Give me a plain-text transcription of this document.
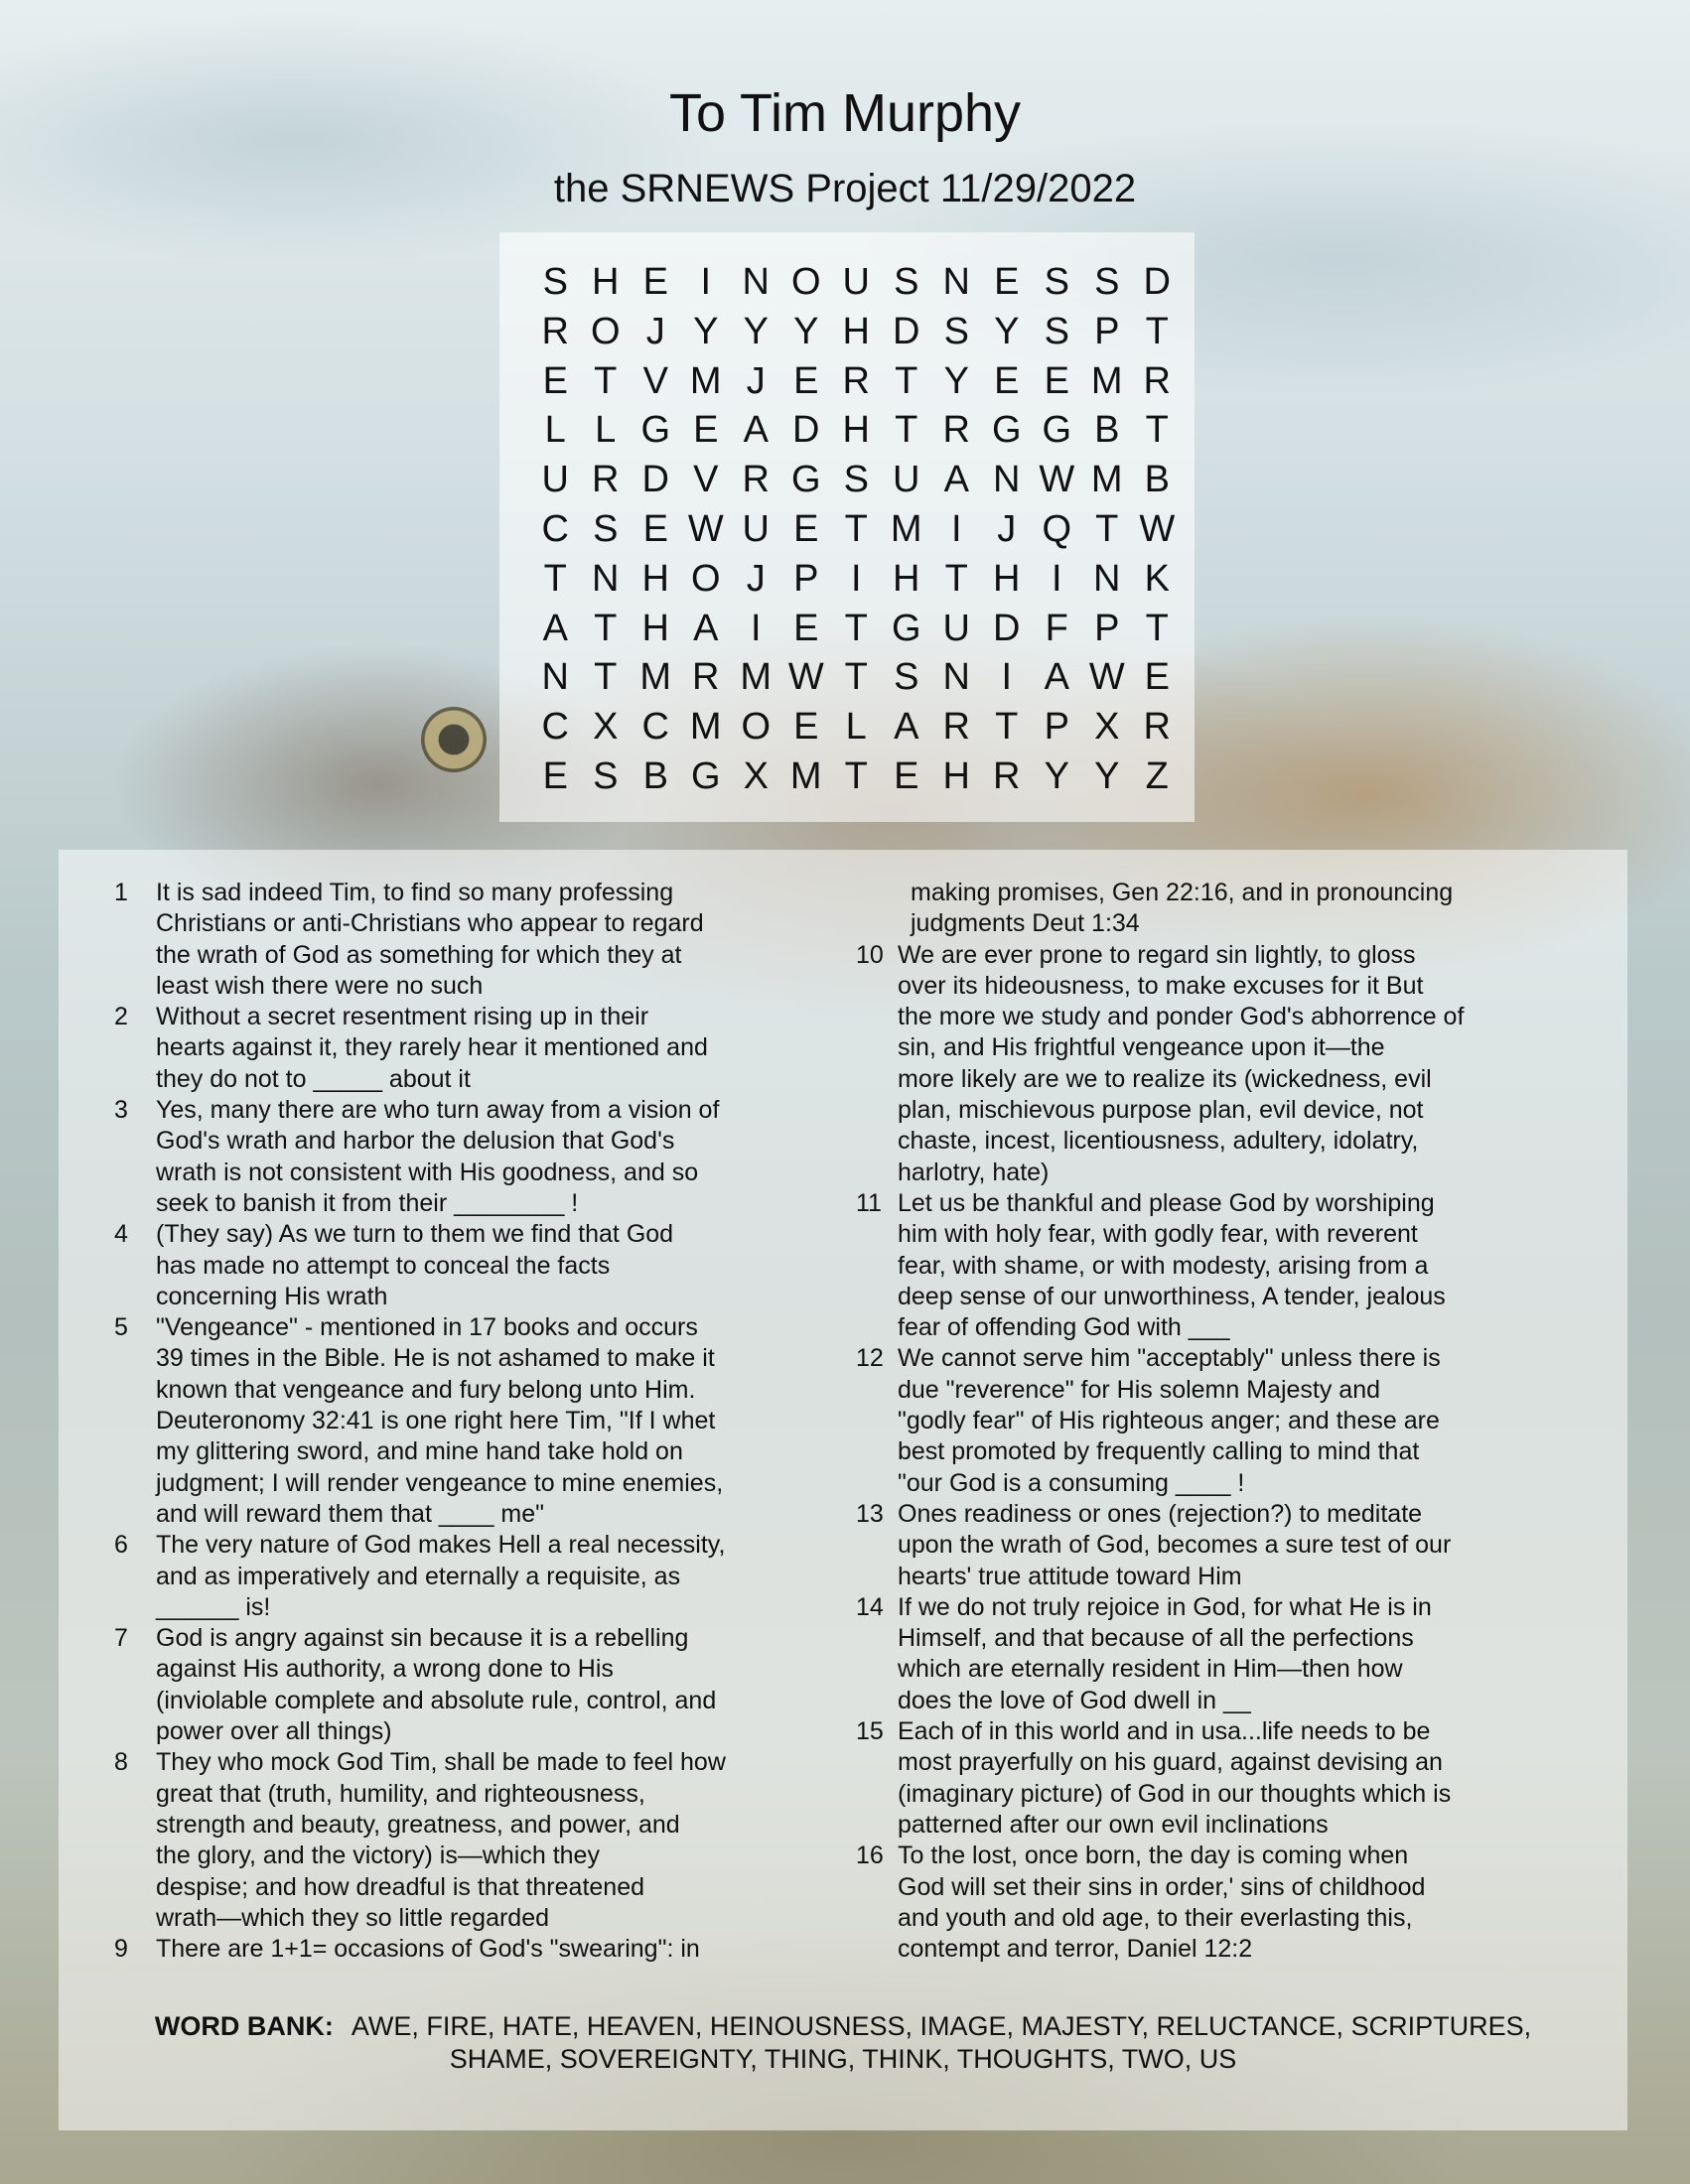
To Tim Murphy
the SRNEWS Project 11/29/2022
S H E I N O U S N E S S D
R O J Y Y Y H D S Y S P T
E T V M J E R T Y E E M R
L L G E A D H T R G G B T
U R D V R G S U A N W M B
C S E W U E T M I J Q T W
T N H O J P I H T H I N K
A T H A I E T G U D F P T
N T M R M W T S N I A W E
C X C M O E L A R T P X R
E S B G X M T E H R Y Y Z
1	It is sad indeed Tim, to find so many professing
Christians or anti-Christians who appear to regard
the wrath of God as something for which they at
least wish there were no such
2	Without a secret resentment rising up in their
hearts against it, they rarely hear it mentioned and
they do not to _____ about it
3	Yes, many there are who turn away from a vision of
God's wrath and harbor the delusion that God's
wrath is not consistent with His goodness, and so
seek to banish it from their ________ !
4	(They say) As we turn to them we find that God
has made no attempt to conceal the facts
concerning His wrath
5	"Vengeance" - mentioned in 17 books and occurs
39 times in the Bible. He is not ashamed to make it
known that vengeance and fury belong unto Him.
Deuteronomy 32:41 is one right here Tim, "If I whet
my glittering sword, and mine hand take hold on
judgment; I will render vengeance to mine enemies,
and will reward them that ____ me"
6	The very nature of God makes Hell a real necessity,
and as imperatively and eternally a requisite, as
______ is!
7	God is angry against sin because it is a rebelling
against His authority, a wrong done to His
(inviolable complete and absolute rule, control, and
power over all things)
8	They who mock God Tim, shall be made to feel how
great that (truth, humility, and righteousness,
strength and beauty, greatness, and power, and
the glory, and the victory) is—which they
despise; and how dreadful is that threatened
wrath—which they so little regarded
9	There are 1+1= occasions of God's "swearing": in
making promises, Gen 22:16, and in pronouncing
judgments Deut 1:34
10 We are ever prone to regard sin lightly, to gloss
over its hideousness, to make excuses for it But
the more we study and ponder God's abhorrence of
sin, and His frightful vengeance upon it—the
more likely are we to realize its (wickedness, evil
plan, mischievous purpose plan, evil device, not
chaste, incest, licentiousness, adultery, idolatry,
harlotry, hate)
11 Let us be thankful and please God by worshiping
him with holy fear, with godly fear, with reverent
fear, with shame, or with modesty, arising from a
deep sense of our unworthiness, A tender, jealous
fear of offending God with ___
12 We cannot serve him "acceptably" unless there is
due "reverence" for His solemn Majesty and
"godly fear" of His righteous anger; and these are
best promoted by frequently calling to mind that
"our God is a consuming ____ !
13 Ones readiness or ones (rejection?) to meditate
upon the wrath of God, becomes a sure test of our
hearts' true attitude toward Him
14 If we do not truly rejoice in God, for what He is in
Himself, and that because of all the perfections
which are eternally resident in Him—then how
does the love of God dwell in __
15 Each of in this world and in usa...life needs to be
most prayerfully on his guard, against devising an
(imaginary picture) of God in our thoughts which is
patterned after our own evil inclinations
16 To the lost, once born, the day is coming when
God will set their sins in order,' sins of childhood
and youth and old age, to their everlasting this,
contempt and terror, Daniel 12:2
WORD BANK: AWE, FIRE, HATE, HEAVEN, HEINOUSNESS, IMAGE, MAJESTY, RELUCTANCE, SCRIPTURES,
SHAME, SOVEREIGNTY, THING, THINK, THOUGHTS, TWO, US
